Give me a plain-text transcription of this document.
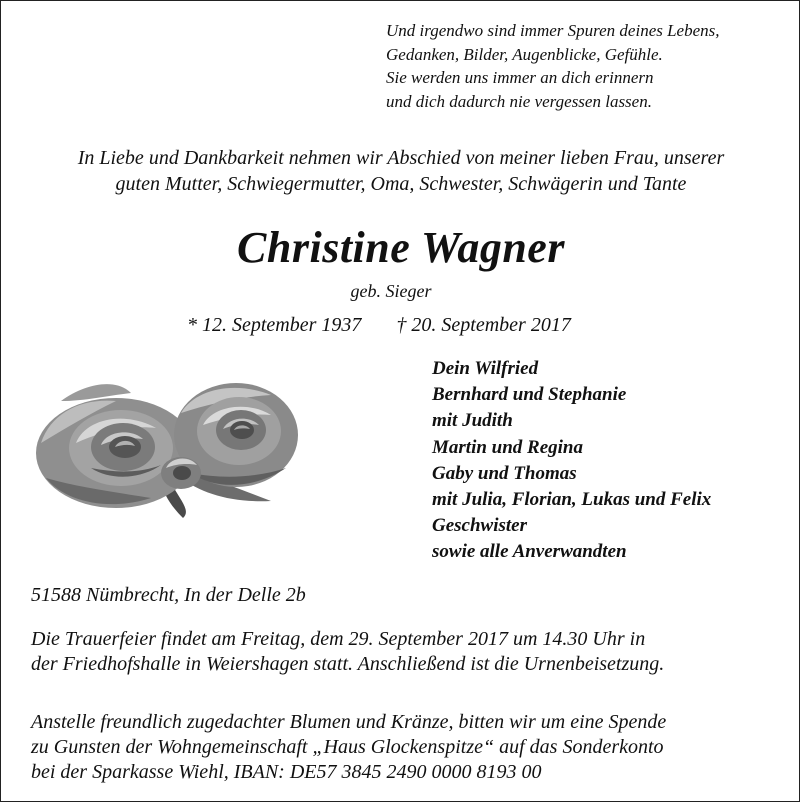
Und irgendwo sind immer Spuren deines Lebens,
Gedanken, Bilder, Augenblicke, Gefühle.
Sie werden uns immer an dich erinnern
und dich dadurch nie vergessen lassen.
In Liebe und Dankbarkeit nehmen wir Abschied von meiner lieben Frau, unserer
guten Mutter, Schwiegermutter, Oma, Schwester, Schwägerin und Tante
Christine Wagner
geb. Sieger
* 12. September 1937 † 20. September 2017
Dein Wilfried
Bernhard und Stephanie
mit Judith
Martin und Regina
Gaby und Thomas
mit Julia, Florian, Lukas und Felix
Geschwister
sowie alle Anverwandten
51588 Nümbrecht, In der Delle 2b
Die Trauerfeier findet am Freitag, dem 29. September 2017 um 14.30 Uhr in
der Friedhofshalle in Weiershagen statt. Anschließend ist die Urnenbeisetzung.
Anstelle freundlich zugedachter Blumen und Kränze, bitten wir um eine Spende
zu Gunsten der Wohngemeinschaft „Haus Glockenspitze“ auf das Sonderkonto
bei der Sparkasse Wiehl, IBAN: DE57 3845 2490 0000 8193 00
